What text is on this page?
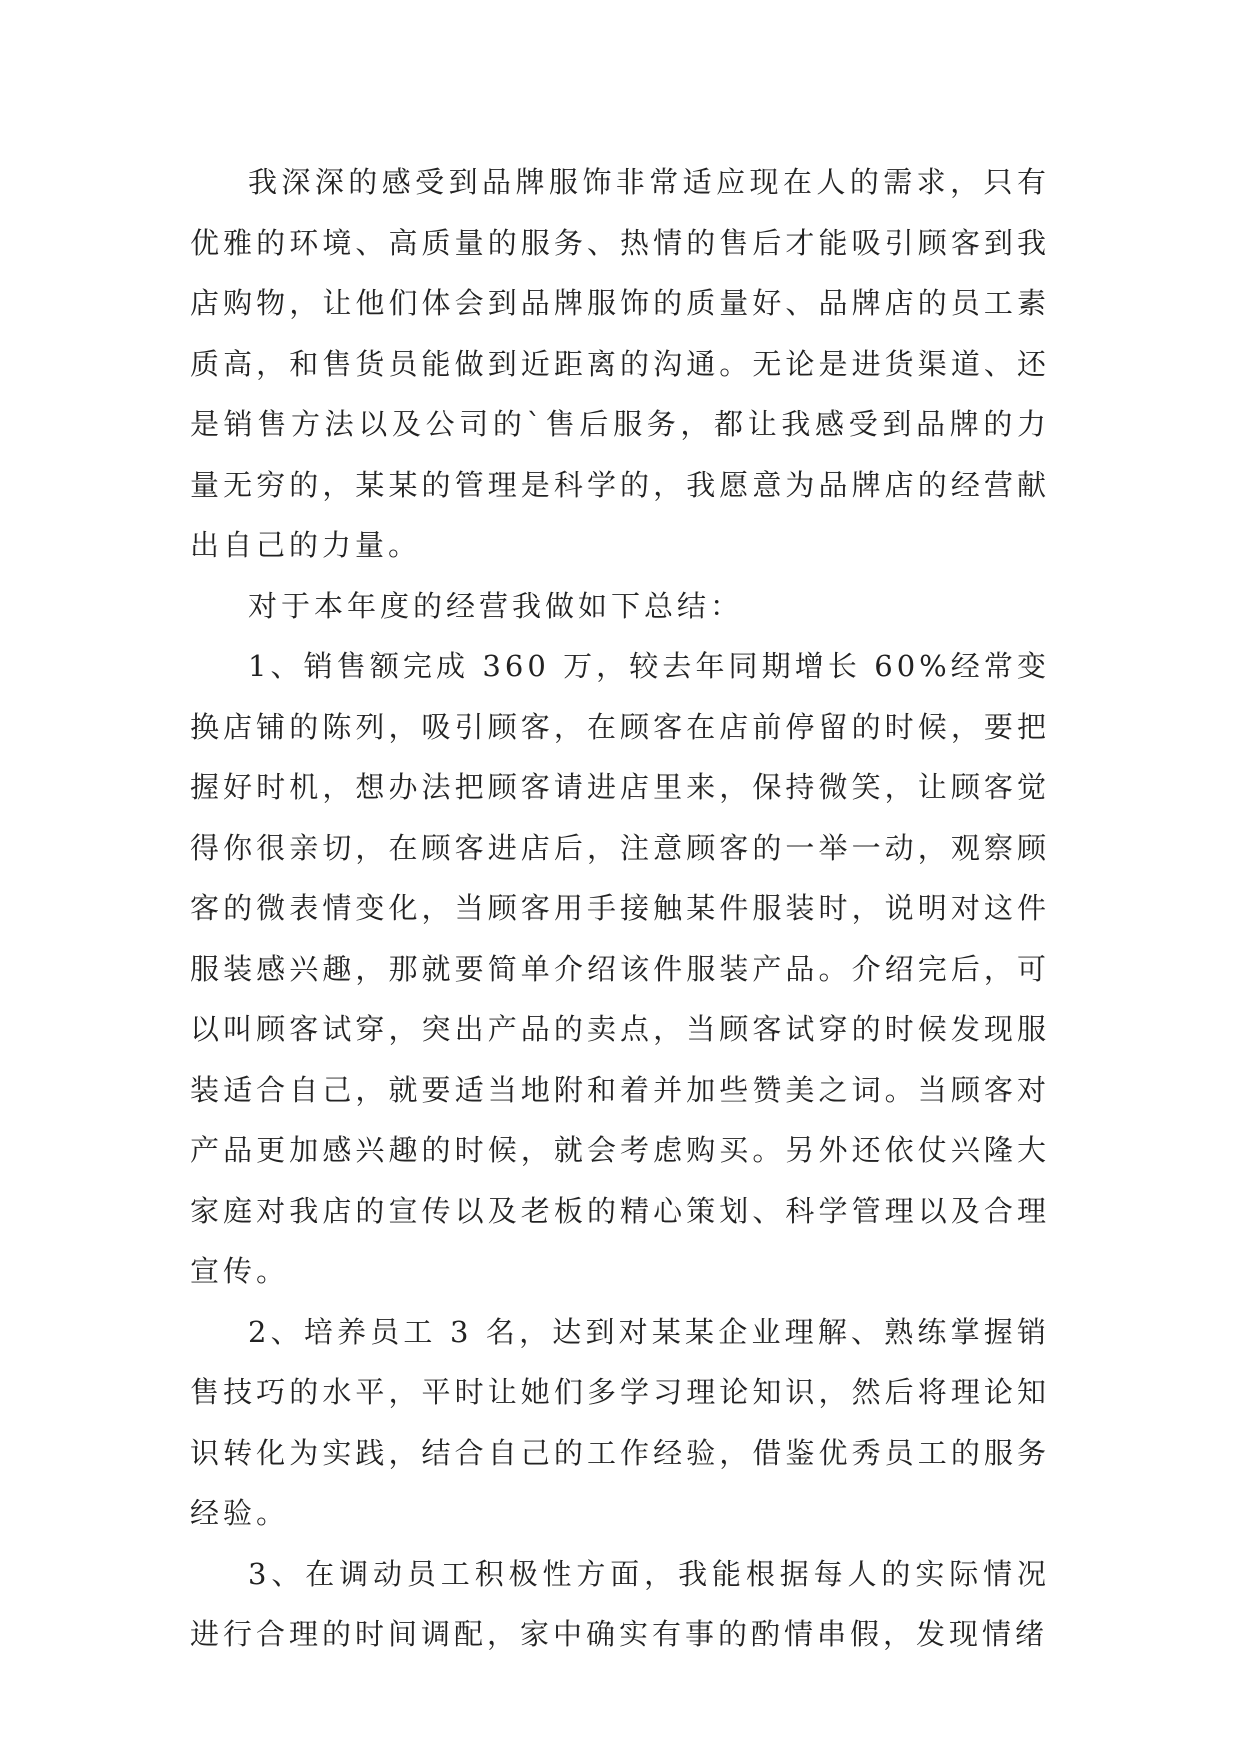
我深深的感受到品牌服饰非常适应现在人的需求，只有优雅的环境、高质量的服务、热情的售后才能吸引顾客到我店购物，让他们体会到品牌服饰的质量好、品牌店的员工素质高，和售货员能做到近距离的沟通。无论是进货渠道、还是销售方法以及公司的`售后服务，都让我感受到品牌的力量无穷的，某某的管理是科学的，我愿意为品牌店的经营献出自己的力量。

对于本年度的经营我做如下总结：

1、销售额完成 360 万，较去年同期增长 60%经常变换店铺的陈列，吸引顾客，在顾客在店前停留的时候，要把握好时机，想办法把顾客请进店里来，保持微笑，让顾客觉得你很亲切，在顾客进店后，注意顾客的一举一动，观察顾客的微表情变化，当顾客用手接触某件服装时，说明对这件服装感兴趣，那就要简单介绍该件服装产品。介绍完后，可以叫顾客试穿，突出产品的卖点，当顾客试穿的时候发现服装适合自己，就要适当地附和着并加些赞美之词。当顾客对产品更加感兴趣的时候，就会考虑购买。另外还依仗兴隆大家庭对我店的宣传以及老板的精心策划、科学管理以及合理宣传。

2、培养员工 3 名，达到对某某企业理解、熟练掌握销售技巧的水平，平时让她们多学习理论知识，然后将理论知识转化为实践，结合自己的工作经验，借鉴优秀员工的服务经验。

3、在调动员工积极性方面，我能根据每人的实际情况进行合理的时间调配，家中确实有事的酌情串假，发现情绪
